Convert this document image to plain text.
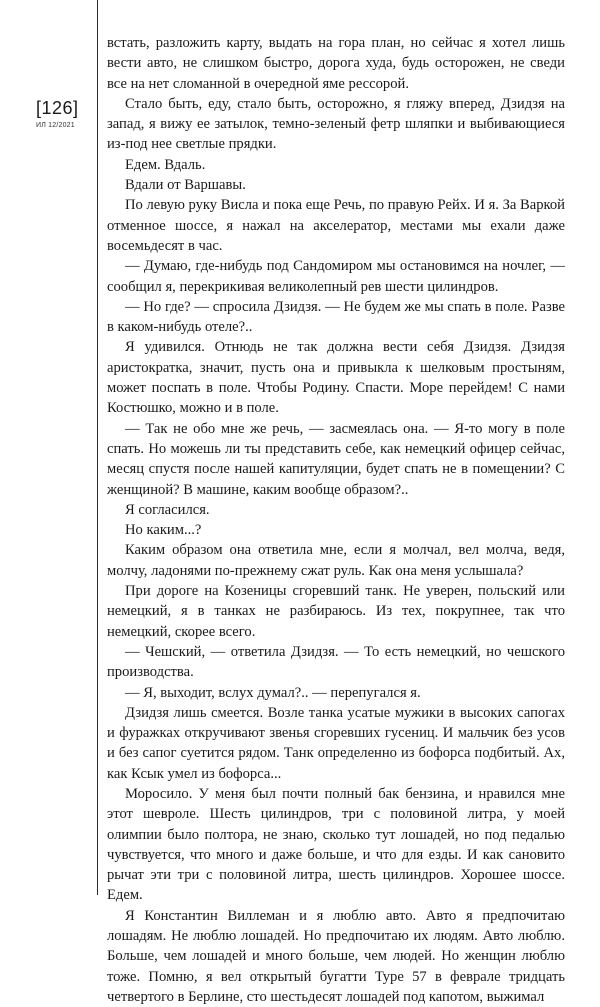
[126]
ИЛ 12/2021

встать, разложить карту, выдать на гора план, но сейчас я хотел лишь вести авто, не слишком быстро, дорога худа, будь осторожен, не сведи все на нет сломанной в очередной яме рессорой.

Стало быть, еду, стало быть, осторожно, я гляжу вперед, Дзидзя на запад, я вижу ее затылок, темно-зеленый фетр шляпки и выбивающиеся из-под нее светлые прядки.

Едем. Вдаль.

Вдали от Варшавы.

По левую руку Висла и пока еще Речь, по правую Рейх. И я. За Варкой отменное шоссе, я нажал на акселератор, местами мы ехали даже восемьдесят в час.

— Думаю, где-нибудь под Сандомиром мы остановимся на ночлег, — сообщил я, перекрикивая великолепный рев шести цилиндров.

— Но где? — спросила Дзидзя. — Не будем же мы спать в поле. Разве в каком-нибудь отеле?..

Я удивился. Отнюдь не так должна вести себя Дзидзя. Дзидзя аристократка, значит, пусть она и привыкла к шелковым простыням, может поспать в поле. Чтобы Родину. Спасти. Море перейдем! С нами Костюшко, можно и в поле.

— Так не обо мне же речь, — засмеялась она. — Я-то могу в поле спать. Но можешь ли ты представить себе, как немецкий офицер сейчас, месяц спустя после нашей капитуляции, будет спать не в помещении? С женщиной? В машине, каким вообще образом?..

Я согласился.

Но каким...?

Каким образом она ответила мне, если я молчал, вел молча, ведя, молчу, ладонями по-прежнему сжат руль. Как она меня услышала?

При дороге на Козеницы сгоревший танк. Не уверен, польский или немецкий, я в танках не разбираюсь. Из тех, покрупнее, так что немецкий, скорее всего.

— Чешский, — ответила Дзидзя. — То есть немецкий, но чешского производства.

— Я, выходит, вслух думал?.. — перепугался я.

Дзидзя лишь смеется. Возле танка усатые мужики в высоких сапогах и фуражках откручивают звенья сгоревших гусениц. И мальчик без усов и без сапог суетится рядом. Танк определенно из бофорса подбитый. Ах, как Ксык умел из бофорса...

Моросило. У меня был почти полный бак бензина, и нравился мне этот шевроле. Шесть цилиндров, три с половиной литра, у моей олимпии было полтора, не знаю, сколько тут лошадей, но под педалью чувствуется, что много и даже больше, и что для езды. И как сановито рычат эти три с половиной литра, шесть цилиндров. Хорошее шоссе. Едем.

Я Константин Виллеман и я люблю авто. Авто я предпочитаю лошадям. Не люблю лошадей. Но предпочитаю их людям. Авто люблю. Больше, чем лошадей и много больше, чем людей. Но женщин люблю тоже. Помню, я вел открытый бугатти Type 57 в феврале тридцать четвертого в Берлине, сто шестьдесят лошадей под капотом, выжимал
